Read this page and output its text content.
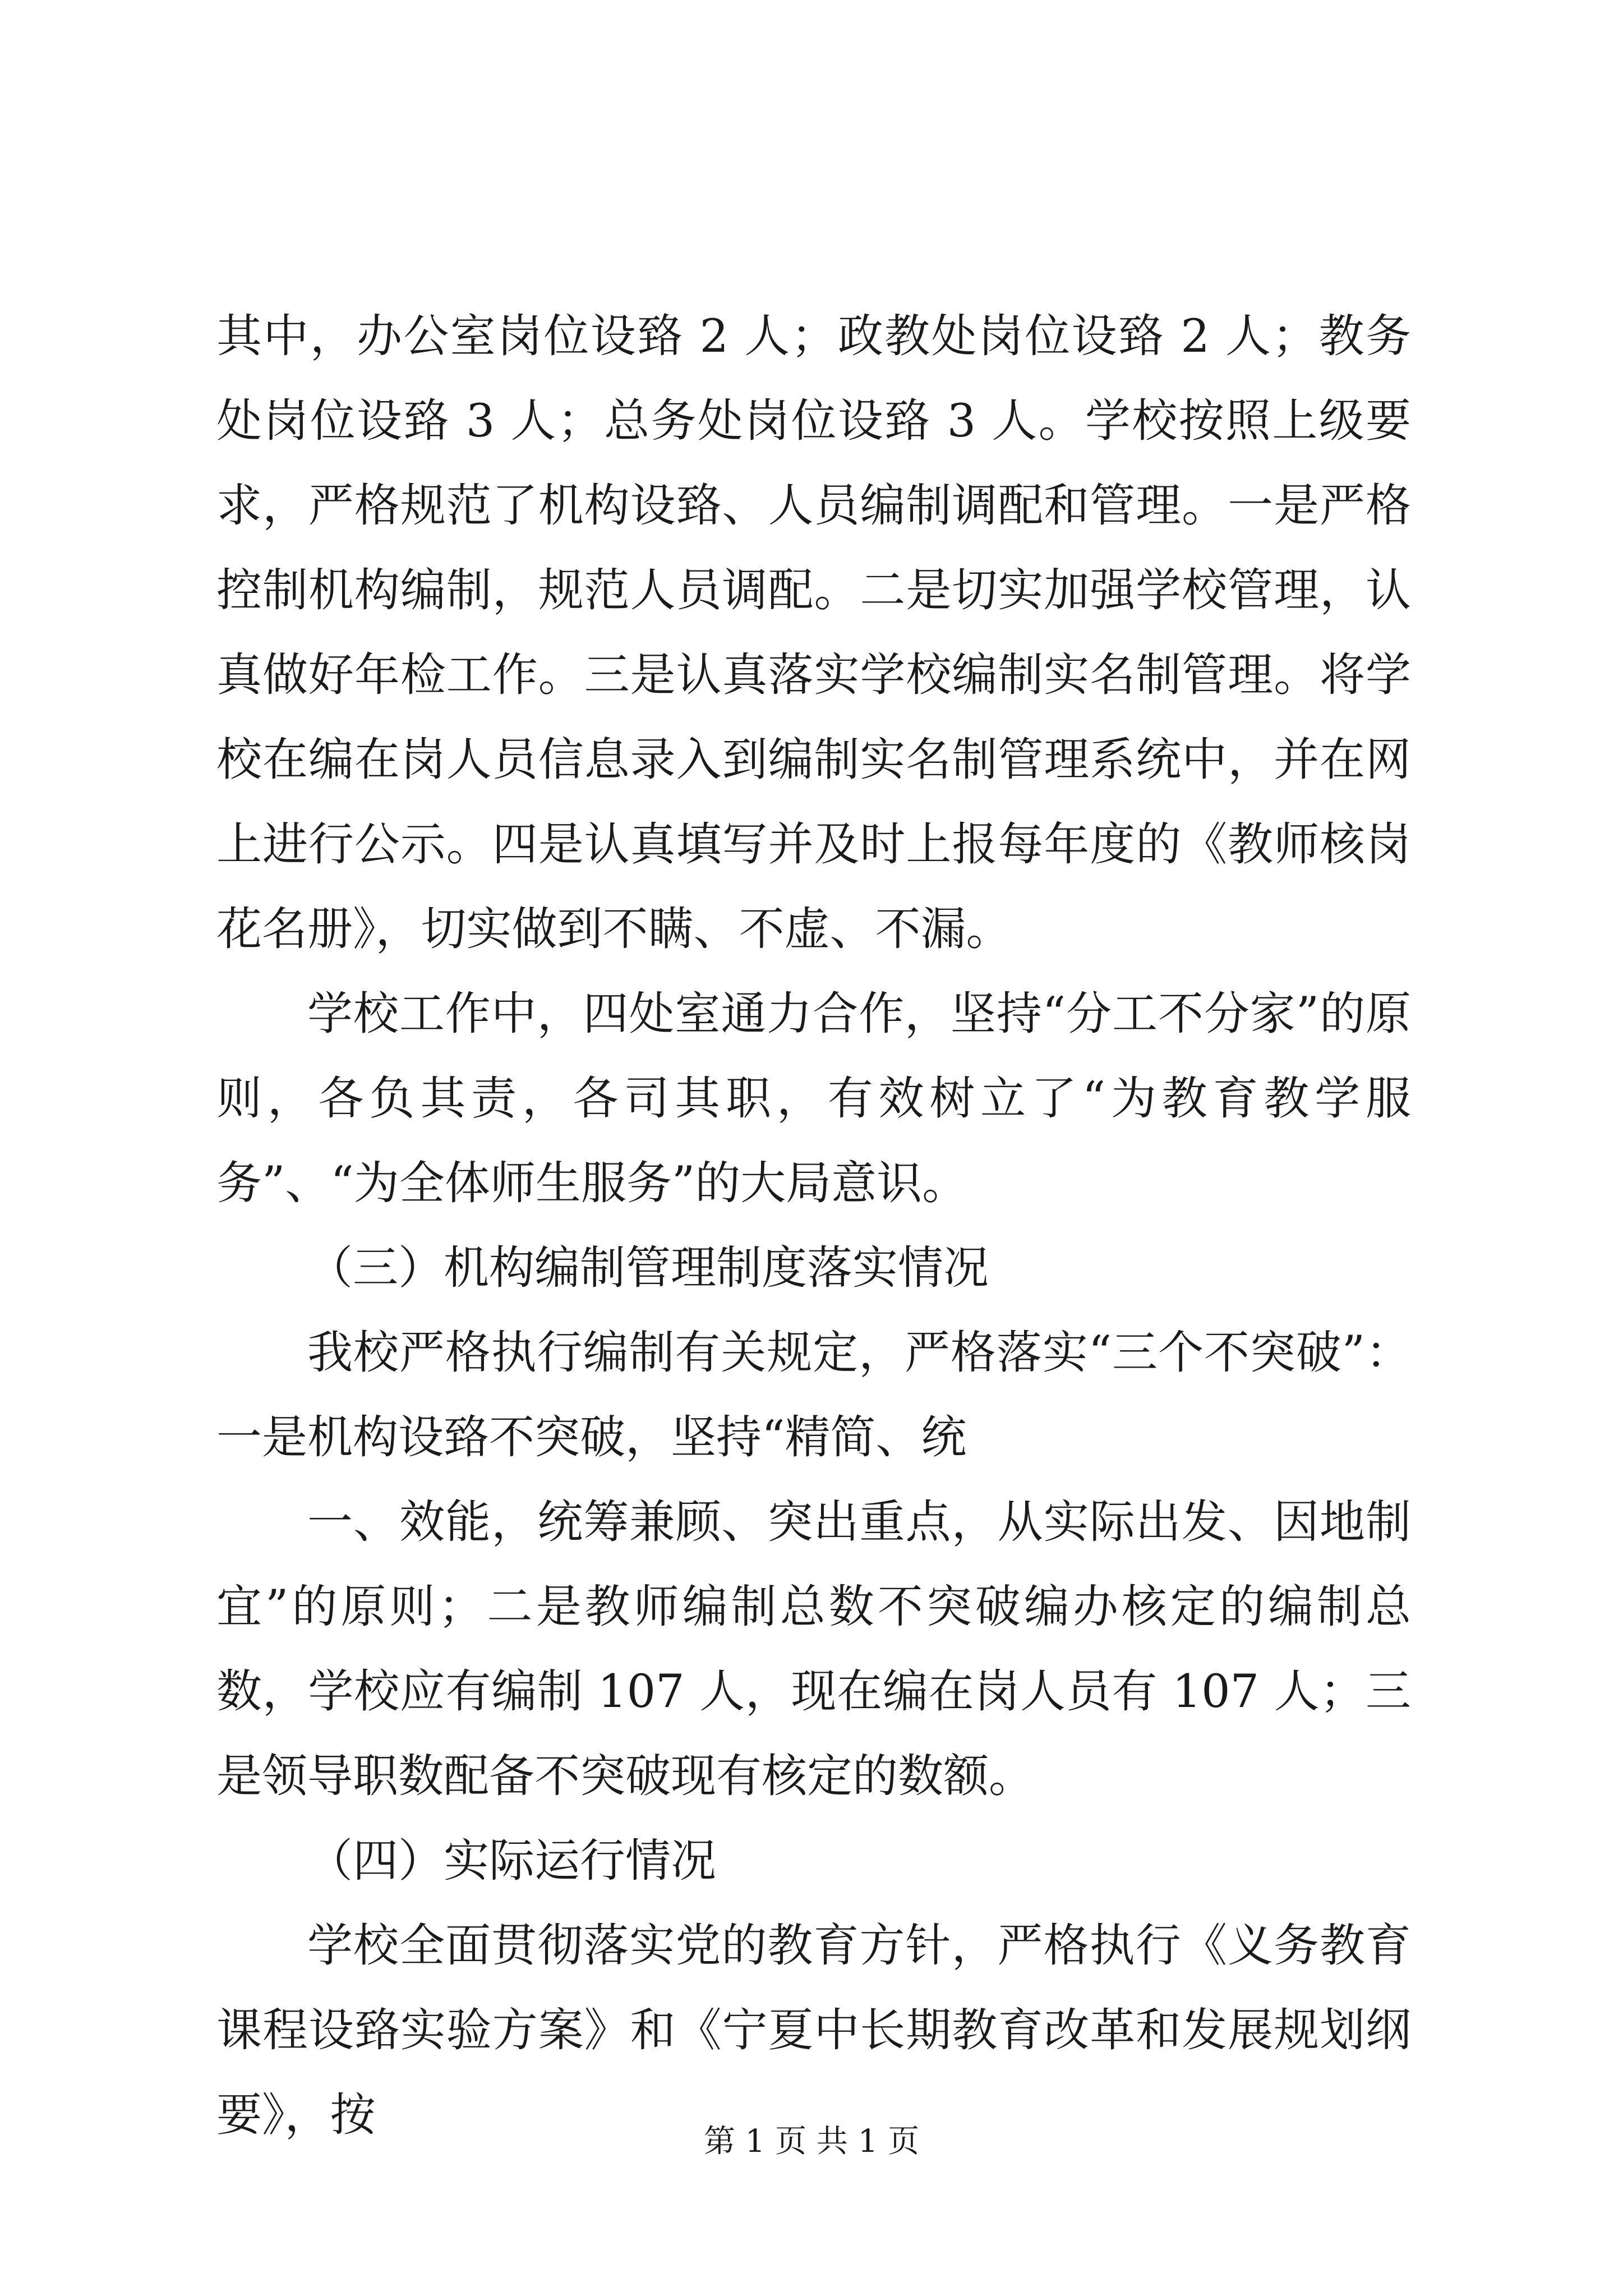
其中，办公室岗位设臵 2 人；政教处岗位设臵 2 人；教务处岗位设臵 3 人；总务处岗位设臵 3 人。学校按照上级要求，严格规范了机构设臵、人员编制调配和管理。一是严格控制机构编制，规范人员调配。二是切实加强学校管理，认真做好年检工作。三是认真落实学校编制实名制管理。将学校在编在岗人员信息录入到编制实名制管理系统中，并在网上进行公示。四是认真填写并及时上报每年度的《教师核岗花名册》，切实做到不瞒、不虚、不漏。

学校工作中，四处室通力合作，坚持“分工不分家”的原则，各负其责，各司其职，有效树立了“为教育教学服务”、“为全体师生服务”的大局意识。

（三）机构编制管理制度落实情况

我校严格执行编制有关规定，严格落实“三个不突破”：一是机构设臵不突破，坚持“精简、统

一、效能，统筹兼顾、突出重点，从实际出发、因地制宜”的原则；二是教师编制总数不突破编办核定的编制总数，学校应有编制 107 人，现在编在岗人员有 107 人；三是领导职数配备不突破现有核定的数额。

（四）实际运行情况

学校全面贯彻落实党的教育方针，严格执行《义务教育课程设臵实验方案》和《宁夏中长期教育改革和发展规划纲要》，按	第 1 页 共 1 页
